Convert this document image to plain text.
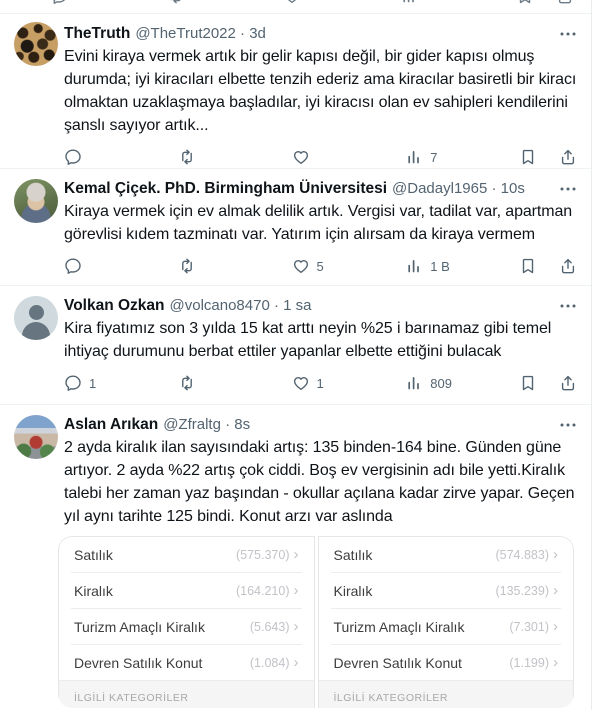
TheTruth @TheTrut2022 · 3d
Evini kiraya vermek artık bir gelir kapısı değil, bir gider kapısı olmuş durumda; iyi kiracıları elbette tenzih ederiz ama kiracılar basiretli bir kiracı olmaktan uzaklaşmaya başladılar, iyi kiracısı olan ev sahipleri kendilerini şanslı sayıyor artık...
7
Kemal Çiçek. PhD. Birmingham Üniversitesi @Dadayl1965 · 10s
Kiraya vermek için ev almak delilik artık. Vergisi var, tadilat var, apartman görevlisi kıdem tazminatı var. Yatırım için alırsam da kiraya vermem
5	1 B
Volkan Ozkan @volcano8470 · 1 sa
Kira fiyatımız son 3 yılda 15 kat arttı neyin %25 i barınamaz gibi temel ihtiyaç durumunu berbat ettiler yapanlar elbette ettiğini bulacak
1	1	809
Aslan Arıkan @Zfraltg · 8s
2 ayda kiralık ilan sayısındaki artış: 135 binden-164 bine. Günden güne artıyor. 2 ayda %22 artış çok ciddi. Boş ev vergisinin adı bile yetti.Kiralık talebi her zaman yaz başından - okullar açılana kadar zirve yapar. Geçen yıl aynı tarihte 125 bindi. Konut arzı var aslında
Satılık	(575.370) ›
Kiralık	(164.210) ›
Turizm Amaçlı Kiralık	(5.643) ›
Devren Satılık Konut	(1.084) ›
İLGİLİ KATEGORİLER
Satılık	(574.883) ›
Kiralık	(135.239) ›
Turizm Amaçlı Kiralık	(7.301) ›
Devren Satılık Konut	(1.199) ›
İLGİLİ KATEGORİLER
